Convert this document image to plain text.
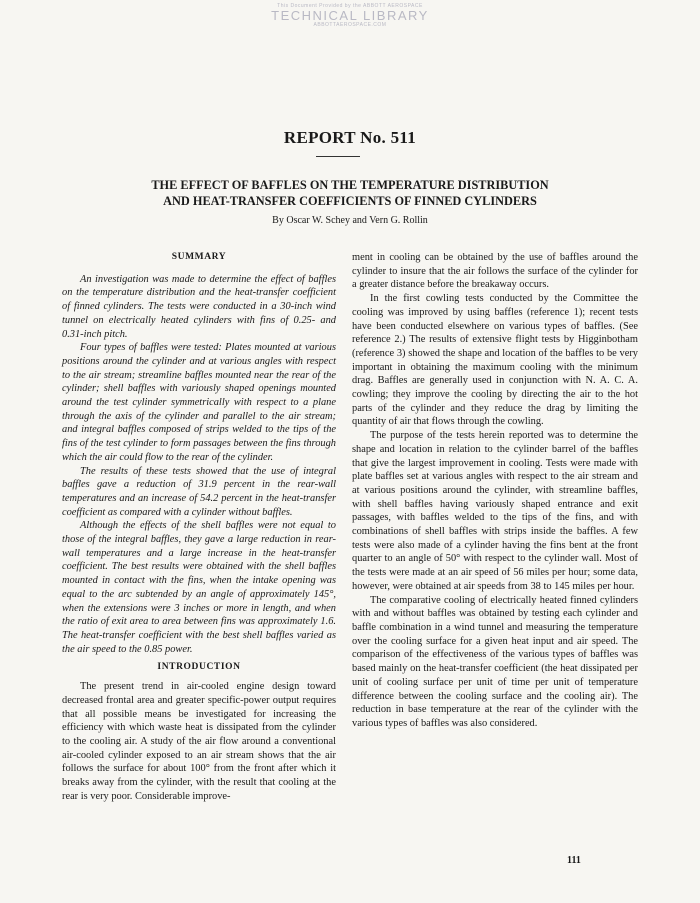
This Document Provided by the ABBOTT AEROSPACE
TECHNICAL LIBRARY
ABBOTTAEROSPACE.COM
REPORT No. 511
THE EFFECT OF BAFFLES ON THE TEMPERATURE DISTRIBUTION
AND HEAT-TRANSFER COEFFICIENTS OF FINNED CYLINDERS
By Oscar W. Schey and Vern G. Rollin
SUMMARY

An investigation was made to determine the effect of baffles on the temperature distribution and the heat-transfer coefficient of finned cylinders. The tests were conducted in a 30-inch wind tunnel on electrically heated cylinders with fins of 0.25- and 0.31-inch pitch.

Four types of baffles were tested: Plates mounted at various positions around the cylinder and at various angles with respect to the air stream; streamline baffles mounted near the rear of the cylinder; shell baffles with variously shaped openings mounted around the test cylinder symmetrically with respect to a plane through the axis of the cylinder and parallel to the air stream; and integral baffles composed of strips welded to the tips of the fins of the test cylinder to form passages between the fins through which the air could flow to the rear of the cylinder.

The results of these tests showed that the use of integral baffles gave a reduction of 31.9 percent in the rear-wall temperatures and an increase of 54.2 percent in the heat-transfer coefficient as compared with a cylinder without baffles.

Although the effects of the shell baffles were not equal to those of the integral baffles, they gave a large reduction in rear-wall temperatures and a large increase in the heat-transfer coefficient. The best results were obtained with the shell baffles mounted in contact with the fins, when the intake opening was equal to the arc subtended by an angle of approximately 145°, when the extensions were 3 inches or more in length, and when the ratio of exit area to area between fins was approximately 1.6. The heat-transfer coefficient with the best shell baffles varied as the air speed to the 0.85 power.

INTRODUCTION

The present trend in air-cooled engine design toward decreased frontal area and greater specific-power output requires that all possible means be investigated for increasing the efficiency with which waste heat is dissipated from the cylinder to the cooling air. A study of the air flow around a conventional air-cooled cylinder exposed to an air stream shows that the air follows the surface for about 100° from the front after which it breaks away from the cylinder, with the result that cooling at the rear is very poor. Considerable improve-

ment in cooling can be obtained by the use of baffles around the cylinder to insure that the air follows the surface of the cylinder for a greater distance before the breakaway occurs.

In the first cowling tests conducted by the Committee the cooling was improved by using baffles (reference 1); recent tests have been conducted elsewhere on various types of baffles. (See reference 2.) The results of extensive flight tests by Higginbotham (reference 3) showed the shape and location of the baffles to be very important in obtaining the maximum cooling with the minimum drag. Baffles are generally used in conjunction with N. A. C. A. cowling; they improve the cooling by directing the air to the hot parts of the cylinder and they reduce the drag by limiting the quantity of air that flows through the cowling.

The purpose of the tests herein reported was to determine the shape and location in relation to the cylinder barrel of the baffles that give the largest improvement in cooling. Tests were made with plate baffles set at various angles with respect to the air stream and at various positions around the cylinder, with streamline baffles, with shell baffles having variously shaped entrance and exit passages, with baffles welded to the tips of the fins, and with combinations of shell baffles with strips inside the baffles. A few tests were also made of a cylinder having the fins bent at the front quarter to an angle of 50° with respect to the cylinder wall. Most of the tests were made at an air speed of 56 miles per hour; some data, however, were obtained at air speeds from 38 to 145 miles per hour.

The comparative cooling of electrically heated finned cylinders with and without baffles was obtained by testing each cylinder and baffle combination in a wind tunnel and measuring the temperature over the cooling surface for a given heat input and air speed. The comparison of the effectiveness of the various types of baffles was based mainly on the heat-transfer coefficient (the heat dissipated per unit of cooling surface per unit of time per unit of temperature difference between the cooling surface and the cooling air). The reduction in base temperature at the rear of the cylinder with the various types of baffles was also considered.

111
